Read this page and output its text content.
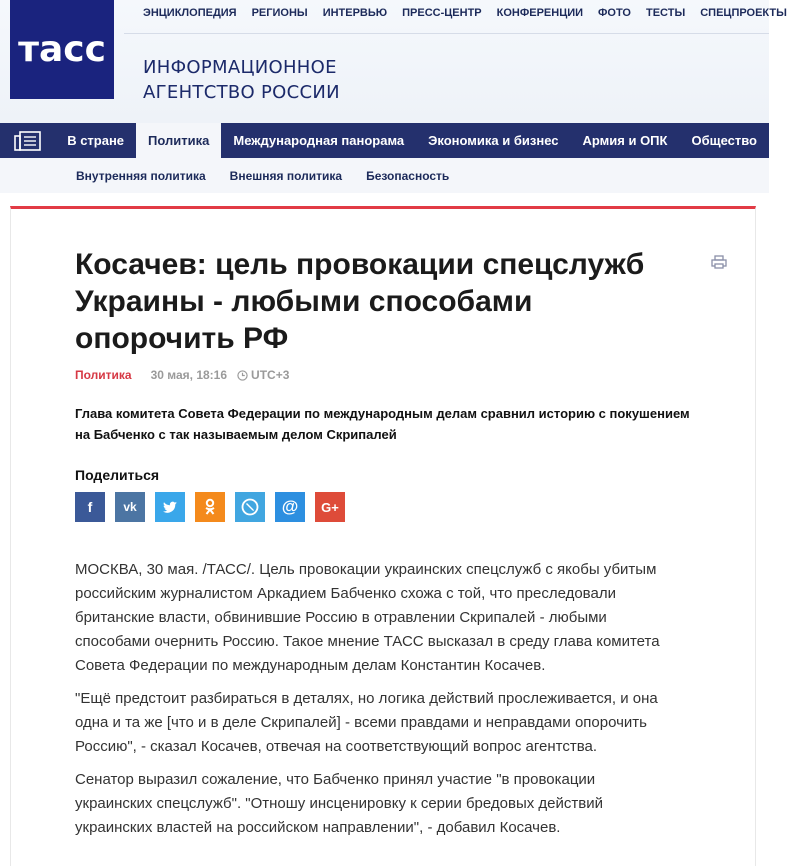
тасс
ЭНЦИКЛОПЕДИЯ РЕГИОНЫ ИНТЕРВЬЮ ПРЕСС-ЦЕНТР КОНФЕРЕНЦИИ ФОТО ТЕСТЫ СПЕЦПРОЕКТЫ
ИНФОРМАЦИОННОЕ
АГЕНТСТВО РОССИИ
В стране	Политика	Международная панорама	Экономика и бизнес	Армия и ОПК	Общество
Внутренняя политика	Внешняя политика	Безопасность
Косачев: цель провокации спецслужб
Украины - любыми способами
опорочить РФ
Политика 30 мая, 18:16 UTC+3
Глава комитета Совета Федерации по международным делам сравнил историю с покушением
на Бабченко с так называемым делом Скрипалей
Поделиться
f	vk	@ G+

МОСКВА, 30 мая. /ТАСС/. Цель провокации украинских спецслужб с якобы убитым
российским журналистом Аркадием Бабченко схожа с той, что преследовали
британские власти, обвинившие Россию в отравлении Скрипалей - любыми
способами очернить Россию. Такое мнение ТАСС высказал в среду глава комитета
Совета Федерации по международным делам Константин Косачев.

"Ещё предстоит разбираться в деталях, но логика действий прослеживается, и она
одна и та же [что и в деле Скрипалей] - всеми правдами и неправдами опорочить
Россию", - сказал Косачев, отвечая на соответствующий вопрос агентства.

Сенатор выразил сожаление, что Бабченко принял участие "в провокации
украинских спецслужб". "Отношу инсценировку к серии бредовых действий
украинских властей на российском направлении", - добавил Косачев.
